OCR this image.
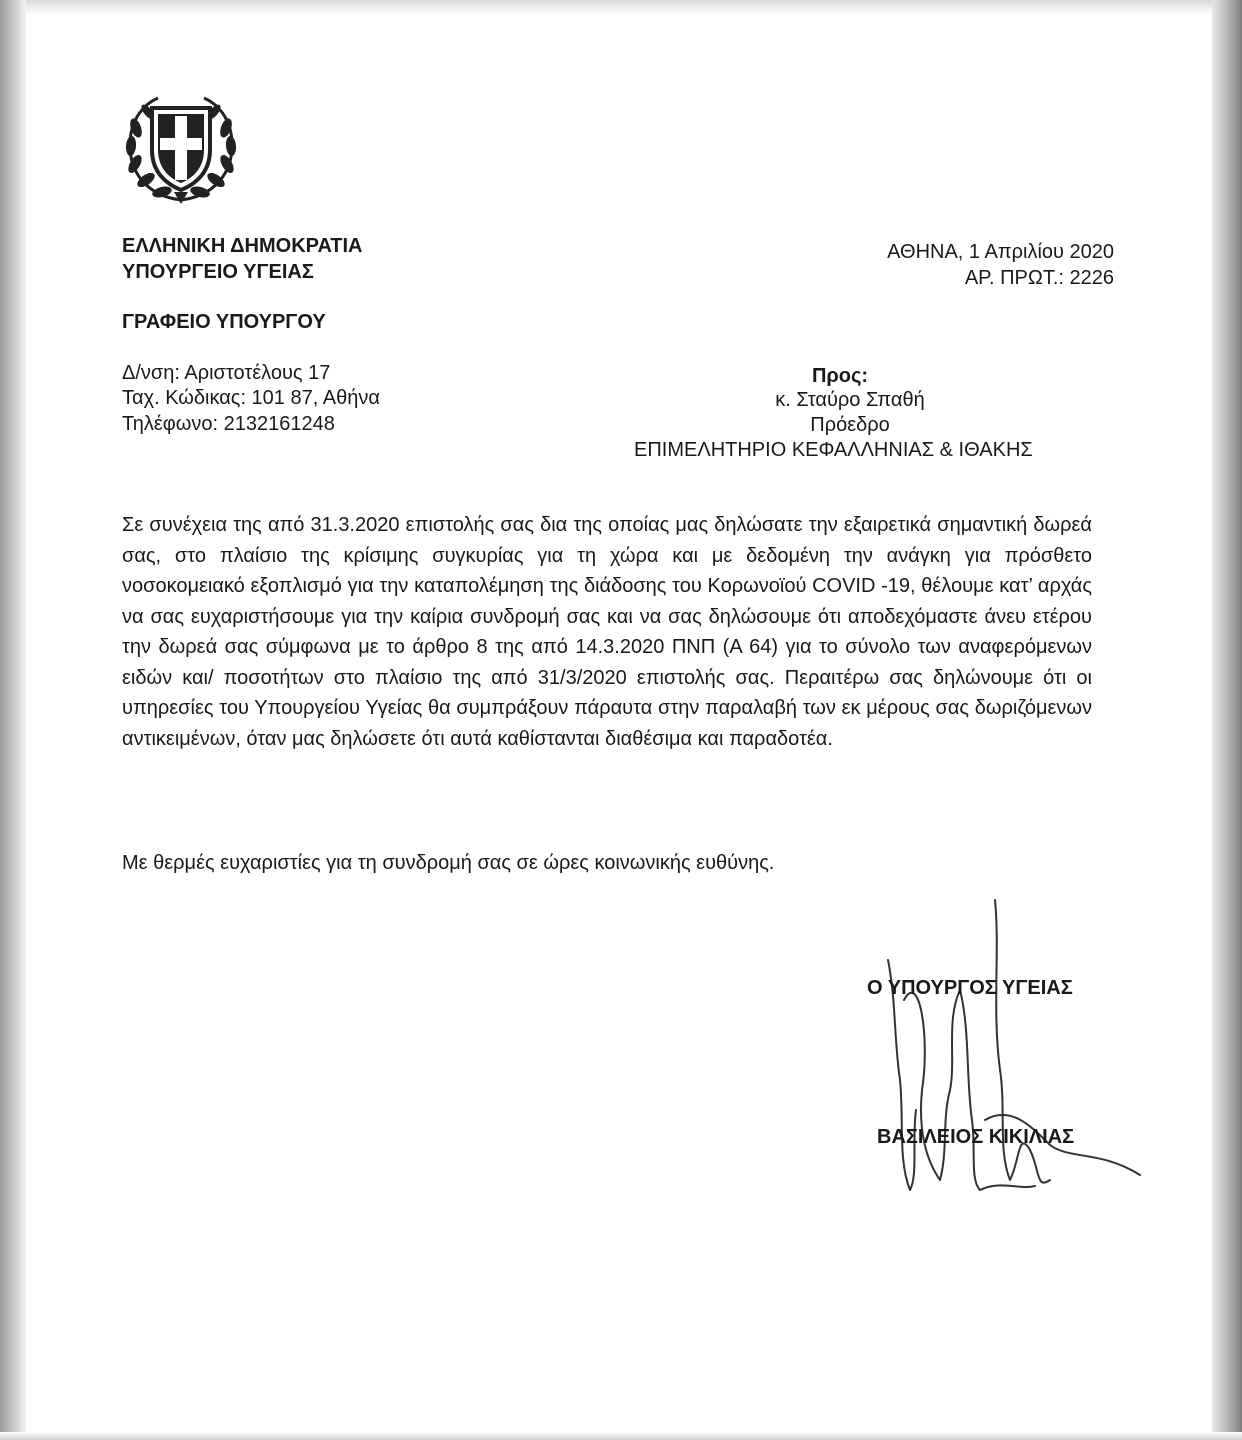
ΕΛΛΗΝΙΚΗ ΔΗΜΟΚΡΑΤΙΑ
ΥΠΟΥΡΓΕΙΟ ΥΓΕΙΑΣ
ΓΡΑΦΕΙΟ ΥΠΟΥΡΓΟΥ
ΑΘΗΝΑ, 1 Απριλίου 2020
ΑΡ. ΠΡΩΤ.: 2226
Δ/νση: Αριστοτέλους 17
Ταχ. Κώδικας: 101 87, Αθήνα
Τηλέφωνο: 2132161248
Προς:
κ. Σταύρο Σπαθή
Πρόεδρο
ΕΠΙΜΕΛΗΤΗΡΙΟ ΚΕΦΑΛΛΗΝΙΑΣ & ΙΘΑΚΗΣ
Σε συνέχεια της από 31.3.2020 επιστολής σας δια της οποίας μας δηλώσατε την εξαιρετικά σημαντική δωρεά σας, στο πλαίσιο της κρίσιμης συγκυρίας για τη χώρα και με δεδομένη την ανάγκη για πρόσθετο νοσοκομειακό εξοπλισμό για την καταπολέμηση της διάδοσης του Κορωνοϊού COVID -19, θέλουμε κατ’ αρχάς να σας ευχαριστήσουμε για την καίρια συνδρομή σας και να σας δηλώσουμε ότι αποδεχόμαστε άνευ ετέρου την δωρεά σας σύμφωνα με το άρθρο 8 της από 14.3.2020 ΠΝΠ (Α 64) για το σύνολο των αναφερόμενων ειδών και/ ποσοτήτων στο πλαίσιο της από 31/3/2020 επιστολής σας. Περαιτέρω σας δηλώνουμε ότι οι υπηρεσίες του Υπουργείου Υγείας θα συμπράξουν πάραυτα στην παραλαβή των εκ μέρους σας δωριζόμενων αντικειμένων, όταν μας δηλώσετε ότι αυτά καθίστανται διαθέσιμα και παραδοτέα.
Με θερμές ευχαριστίες για τη συνδρομή σας σε ώρες κοινωνικής ευθύνης.
Ο ΥΠΟΥΡΓΟΣ ΥΓΕΙΑΣ
ΒΑΣΙΛΕΙΟΣ ΚΙΚΙΛΙΑΣ
